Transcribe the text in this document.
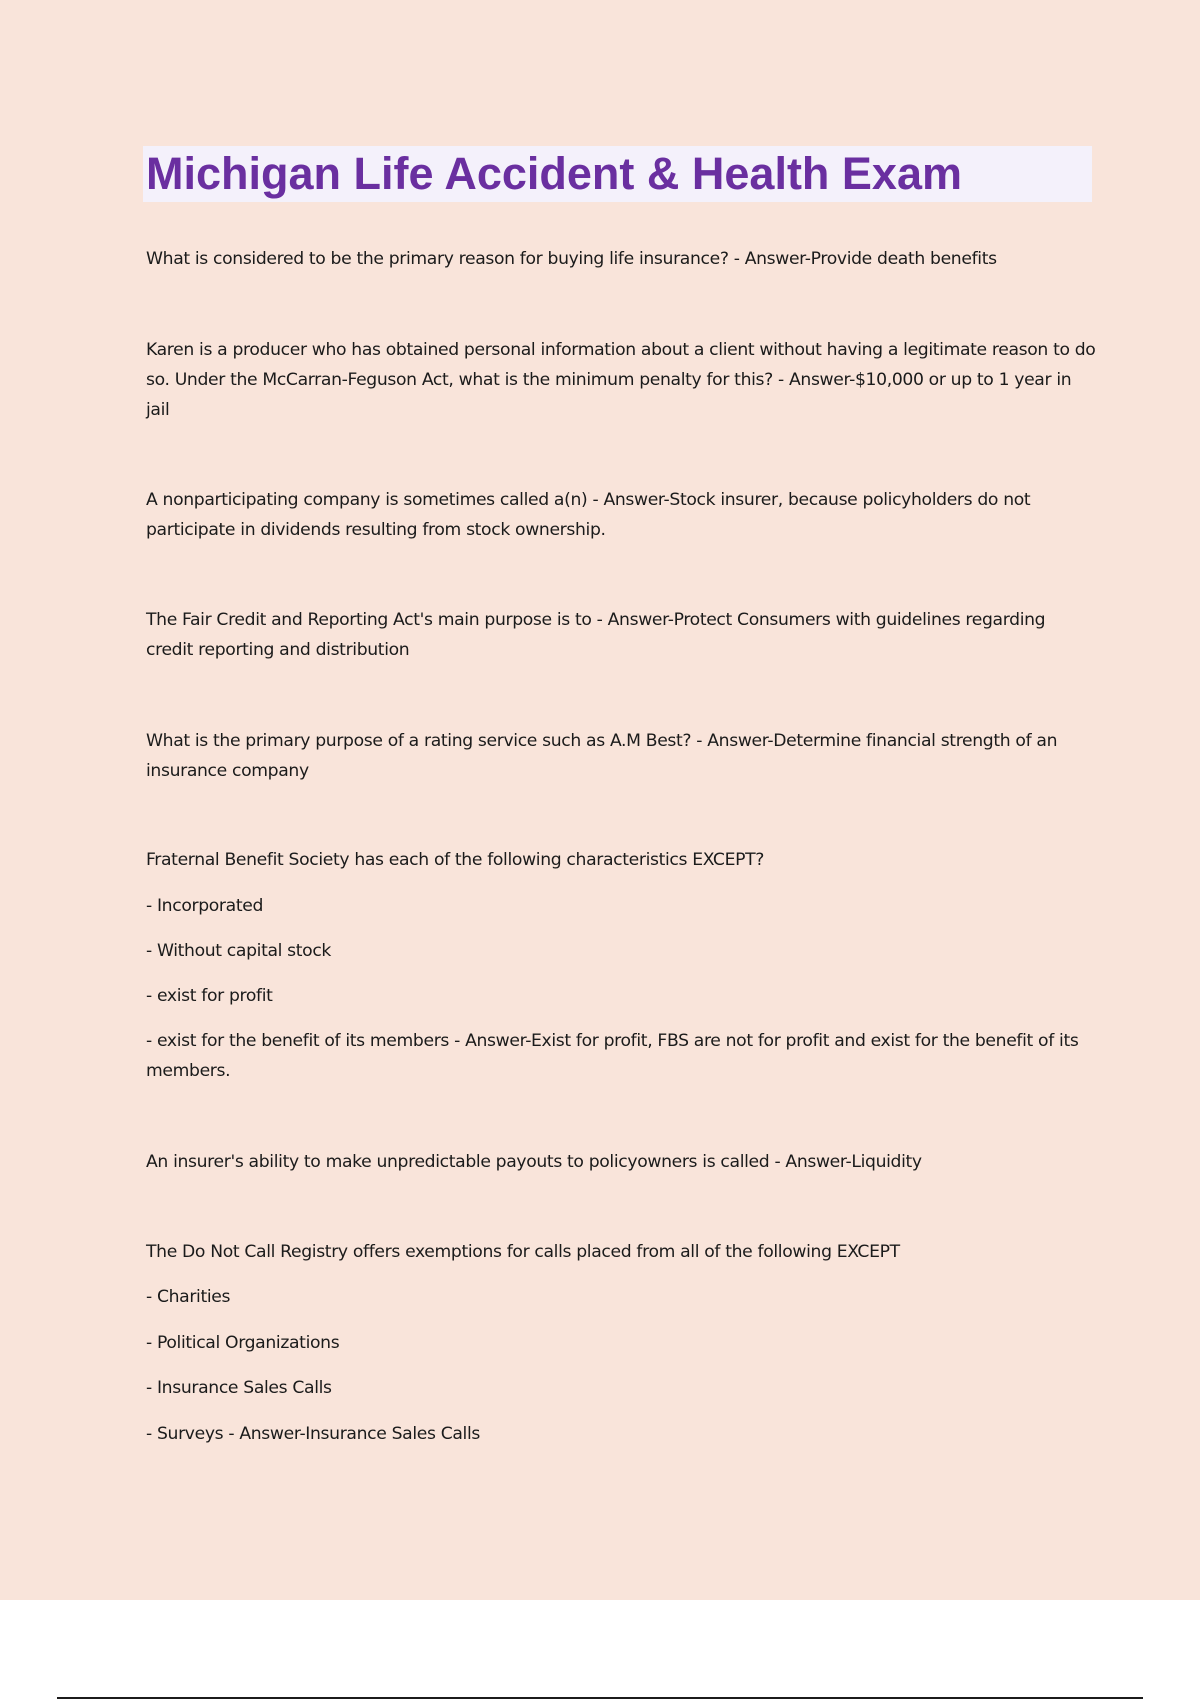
Michigan Life Accident & Health Exam

What is considered to be the primary reason for buying life insurance? - Answer-Provide death benefits

Karen is a producer who has obtained personal information about a client without having a legitimate reason to do so. Under the McCarran-Feguson Act, what is the minimum penalty for this? - Answer-$10,000 or up to 1 year in jail

A nonparticipating company is sometimes called a(n) - Answer-Stock insurer, because policyholders do not participate in dividends resulting from stock ownership.

The Fair Credit and Reporting Act's main purpose is to - Answer-Protect Consumers with guidelines regarding credit reporting and distribution

What is the primary purpose of a rating service such as A.M Best? - Answer-Determine financial strength of an insurance company

Fraternal Benefit Society has each of the following characteristics EXCEPT?

- Incorporated

- Without capital stock

- exist for profit

- exist for the benefit of its members - Answer-Exist for profit, FBS are not for profit and exist for the benefit of its members.

An insurer's ability to make unpredictable payouts to policyowners is called - Answer-Liquidity

The Do Not Call Registry offers exemptions for calls placed from all of the following EXCEPT

- Charities

- Political Organizations

- Insurance Sales Calls

- Surveys - Answer-Insurance Sales Calls
